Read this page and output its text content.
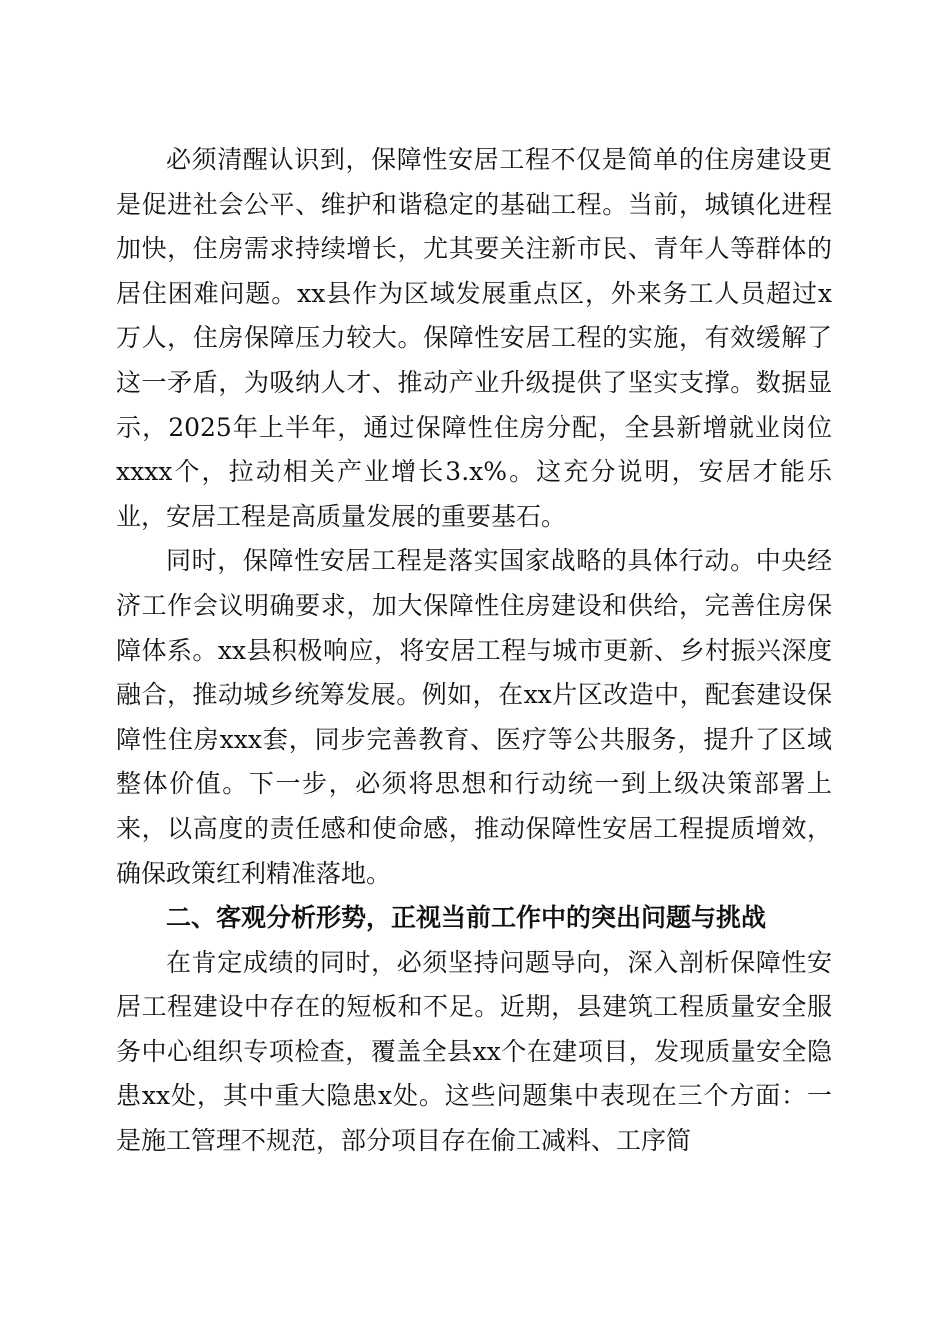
必须清醒认识到，保障性安居工程不仅是简单的住房建设更是促进社会公平、维护和谐稳定的基础工程。当前，城镇化进程加快，住房需求持续增长，尤其要关注新市民、青年人等群体的居住困难问题。xx县作为区域发展重点区，外来务工人员超过x万人，住房保障压力较大。保障性安居工程的实施，有效缓解了这一矛盾，为吸纳人才、推动产业升级提供了坚实支撑。数据显示，2025年上半年，通过保障性住房分配，全县新增就业岗位xxxx个，拉动相关产业增长3.x%。这充分说明，安居才能乐业，安居工程是高质量发展的重要基石。

同时，保障性安居工程是落实国家战略的具体行动。中央经济工作会议明确要求，加大保障性住房建设和供给，完善住房保障体系。xx县积极响应，将安居工程与城市更新、乡村振兴深度融合，推动城乡统筹发展。例如，在xx片区改造中，配套建设保障性住房xxx套，同步完善教育、医疗等公共服务，提升了区域整体价值。下一步，必须将思想和行动统一到上级决策部署上来，以高度的责任感和使命感，推动保障性安居工程提质增效，确保政策红利精准落地。

二、客观分析形势，正视当前工作中的突出问题与挑战

在肯定成绩的同时，必须坚持问题导向，深入剖析保障性安居工程建设中存在的短板和不足。近期，县建筑工程质量安全服务中心组织专项检查，覆盖全县xx个在建项目，发现质量安全隐患xx处，其中重大隐患x处。这些问题集中表现在三个方面：一是施工管理不规范，部分项目存在偷工减料、工序简
